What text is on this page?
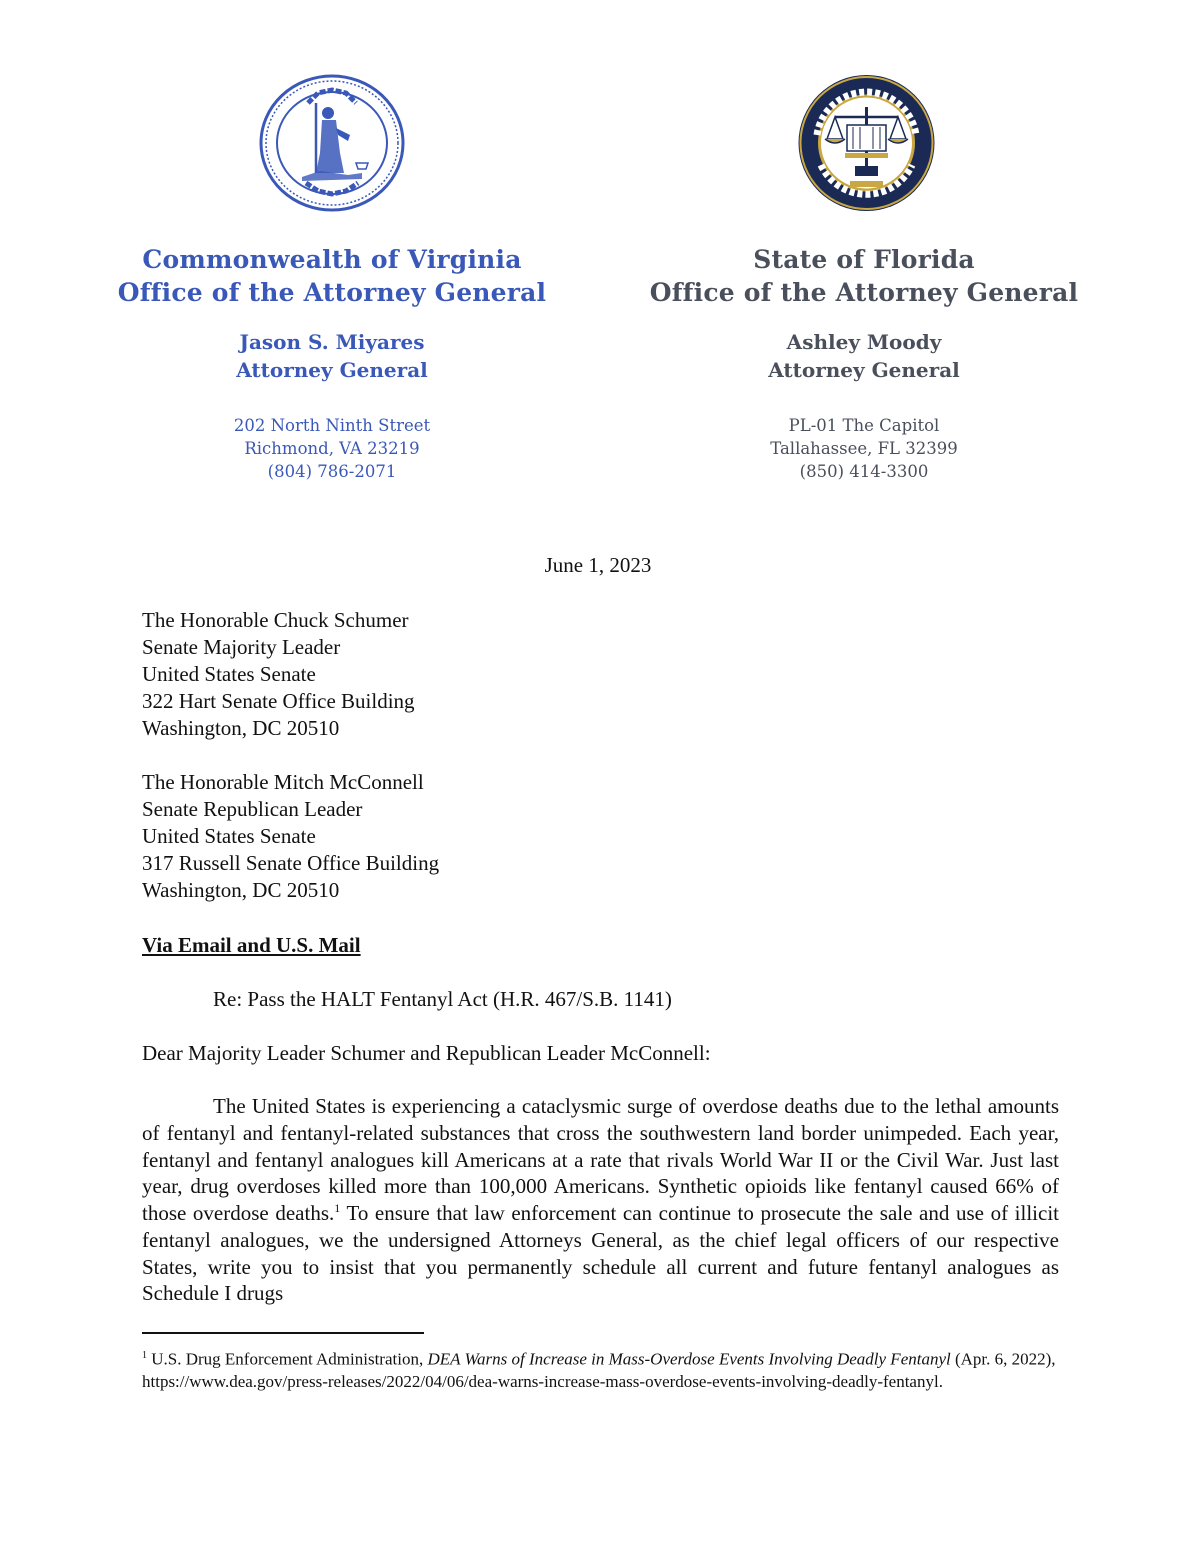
Commonwealth of Virginia
Office of the Attorney General
Jason S. Miyares
Attorney General
202 North Ninth Street
Richmond, VA 23219
(804) 786-2071
State of Florida
Office of the Attorney General
Ashley Moody
Attorney General
PL-01 The Capitol
Tallahassee, FL 32399
(850) 414-3300
June 1, 2023
The Honorable Chuck Schumer
Senate Majority Leader
United States Senate
322 Hart Senate Office Building
Washington, DC 20510
The Honorable Mitch McConnell
Senate Republican Leader
United States Senate
317 Russell Senate Office Building
Washington, DC 20510
Via Email and U.S. Mail
Re: Pass the HALT Fentanyl Act (H.R. 467/S.B. 1141)
Dear Majority Leader Schumer and Republican Leader McConnell:
The United States is experiencing a cataclysmic surge of overdose deaths due to the lethal amounts of fentanyl and fentanyl-related substances that cross the southwestern land border unimpeded. Each year, fentanyl and fentanyl analogues kill Americans at a rate that rivals World War II or the Civil War. Just last year, drug overdoses killed more than 100,000 Americans. Synthetic opioids like fentanyl caused 66% of those overdose deaths.$^1$ To ensure that law enforcement can continue to prosecute the sale and use of illicit fentanyl analogues, we the undersigned Attorneys General, as the chief legal officers of our respective States, write you to insist that you permanently schedule all current and future fentanyl analogues as Schedule I drugs
$^1$ U.S. Drug Enforcement Administration, DEA Warns of Increase in Mass-Overdose Events Involving Deadly Fentanyl (Apr. 6, 2022), https://www.dea.gov/press-releases/2022/04/06/dea-warns-increase-mass-overdose-events-involving-deadly-fentanyl.
